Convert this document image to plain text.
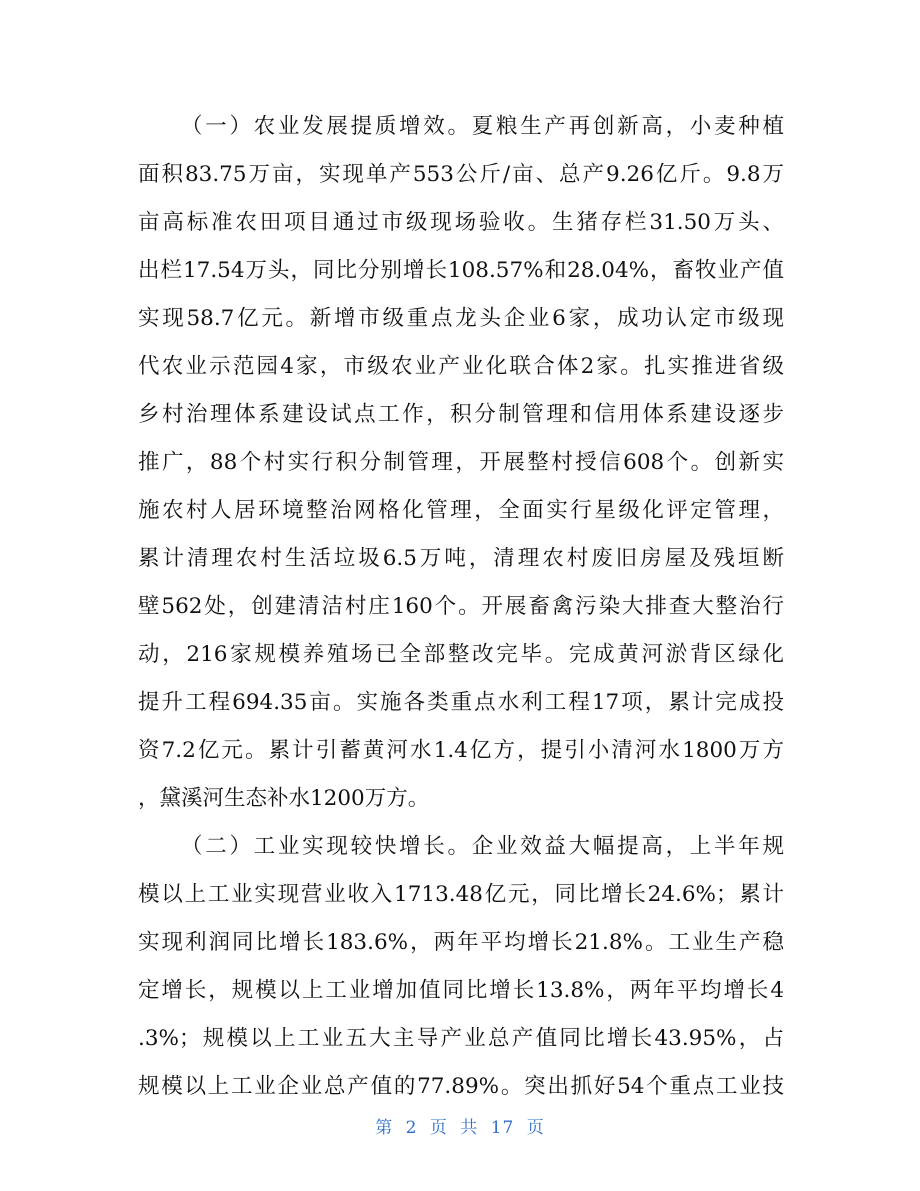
（一）农业发展提质增效。夏粮生产再创新高，小麦种植
面积83.75万亩，实现单产553公斤/亩、总产9.26亿斤。9.8万
亩高标准农田项目通过市级现场验收。生猪存栏31.50万头、
出栏17.54万头，同比分别增长108.57%和28.04%，畜牧业产值
实现58.7亿元。新增市级重点龙头企业6家，成功认定市级现
代农业示范园4家，市级农业产业化联合体2家。扎实推进省级
乡村治理体系建设试点工作，积分制管理和信用体系建设逐步
推广，88个村实行积分制管理，开展整村授信608个。创新实
施农村人居环境整治网格化管理，全面实行星级化评定管理，
累计清理农村生活垃圾6.5万吨，清理农村废旧房屋及残垣断
壁562处，创建清洁村庄160个。开展畜禽污染大排查大整治行
动，216家规模养殖场已全部整改完毕。完成黄河淤背区绿化
提升工程694.35亩。实施各类重点水利工程17项，累计完成投
资7.2亿元。累计引蓄黄河水1.4亿方，提引小清河水1800万方
，黛溪河生态补水1200万方。
（二）工业实现较快增长。企业效益大幅提高，上半年规
模以上工业实现营业收入1713.48亿元，同比增长24.6%；累计
实现利润同比增长183.6%，两年平均增长21.8%。工业生产稳
定增长，规模以上工业增加值同比增长13.8%，两年平均增长4
.3%；规模以上工业五大主导产业总产值同比增长43.95%，占
规模以上工业企业总产值的77.89%。突出抓好54个重点工业技
第 2 页 共 17 页
